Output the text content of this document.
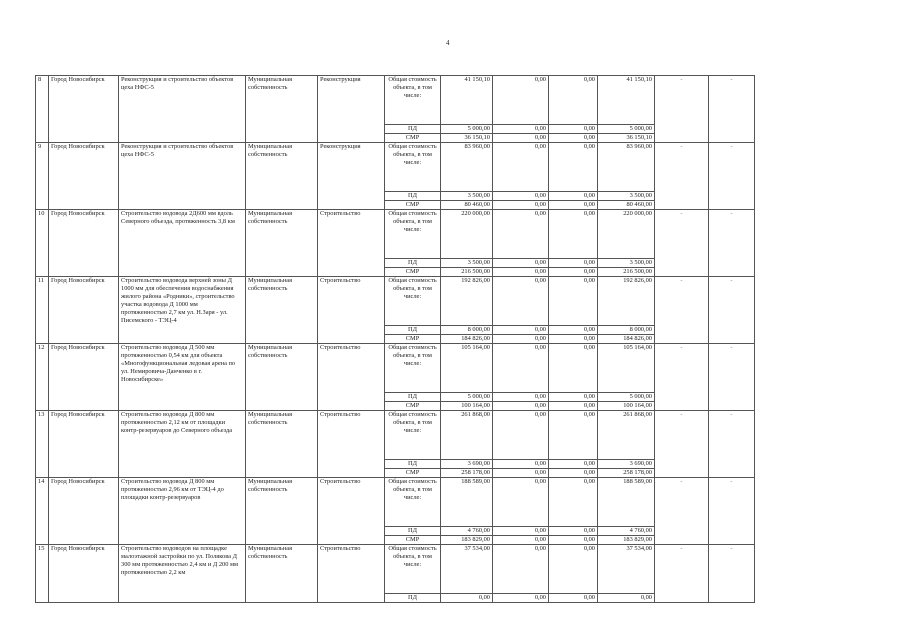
4
8	Город Новосибирск	Реконструкция и строительство объектов цеха НФС-5	Муниципальная собственность	Реконструкция	Общая стоимость объекта, в том числе:	41 150,10	0,00	0,00	41 150,10	-	-
					ПД	5 000,00	0,00	0,00	5 000,00		
					СМР	36 150,10	0,00	0,00	36 150,10		
9	Город Новосибирск	Реконструкция и строительство объектов цеха НФС-5	Муниципальная собственность	Реконструкция	Общая стоимость объекта, в том числе:	83 960,00	0,00	0,00	83 960,00	-	-
					ПД	3 500,00	0,00	0,00	3 500,00		
					СМР	80 460,00	0,00	0,00	80 460,00		
10	Город Новосибирск	Строительство водовода 2Д600 мм вдоль Северного объезда, протяженность 3,8 км	Муниципальная собственность	Строительство	Общая стоимость объекта, в том числе:	220 000,00	0,00	0,00	220 000,00	-	-
					ПД	3 500,00	0,00	0,00	3 500,00		
					СМР	216 500,00	0,00	0,00	216 500,00		
11	Город Новосибирск	Строительство водовода верхней зоны Д 1000 мм для обеспечения водоснабжения жилого района «Родники», строительство участка водовода Д 1000 мм протяженностью 2,7 км ул. Н.Заря - ул. Писемского - ТЭЦ-4	Муниципальная собственность	Строительство	Общая стоимость объекта, в том числе:	192 826,00	0,00	0,00	192 826,00	-	-
					ПД	8 000,00	0,00	0,00	8 000,00		
					СМР	184 826,00	0,00	0,00	184 826,00		
12	Город Новосибирск	Строительство водовода Д 500 мм протяженностью 0,54 км для объекта «Многофункциональная ледовая арена по ул. Немировича-Данченко в г. Новосибирске»	Муниципальная собственность	Строительство	Общая стоимость объекта, в том числе:	105 164,00	0,00	0,00	105 164,00	-	-
					ПД	5 000,00	0,00	0,00	5 000,00		
					СМР	100 164,00	0,00	0,00	100 164,00		
13	Город Новосибирск	Строительство водовода Д 800 мм протяженностью 2,12 км от площадки контр-резервуаров до Северного объезда	Муниципальная собственность	Строительство	Общая стоимость объекта, в том числе:	261 868,00	0,00	0,00	261 868,00	-	-
					ПД	3 690,00	0,00	0,00	3 690,00		
					СМР	258 178,00	0,00	0,00	258 178,00		
14	Город Новосибирск	Строительство водовода Д 800 мм протяженностью 2,96 км от ТЭЦ-4 до площадки контр-резервуаров	Муниципальная собственность	Строительство	Общая стоимость объекта, в том числе:	188 589,00	0,00	0,00	188 589,00	-	-
					ПД	4 760,00	0,00	0,00	4 760,00		
					СМР	183 829,00	0,00	0,00	183 829,00		
15	Город Новосибирск	Строительство водоводов на площадке малоэтажной застройки по ул. Полякова Д 300 мм протяженностью 2,4 км и Д 200 мм протяженностью 2,2 км	Муниципальная собственность	Строительство	Общая стоимость объекта, в том числе:	37 534,00	0,00	0,00	37 534,00	-	-
					ПД	0,00	0,00	0,00	0,00		
